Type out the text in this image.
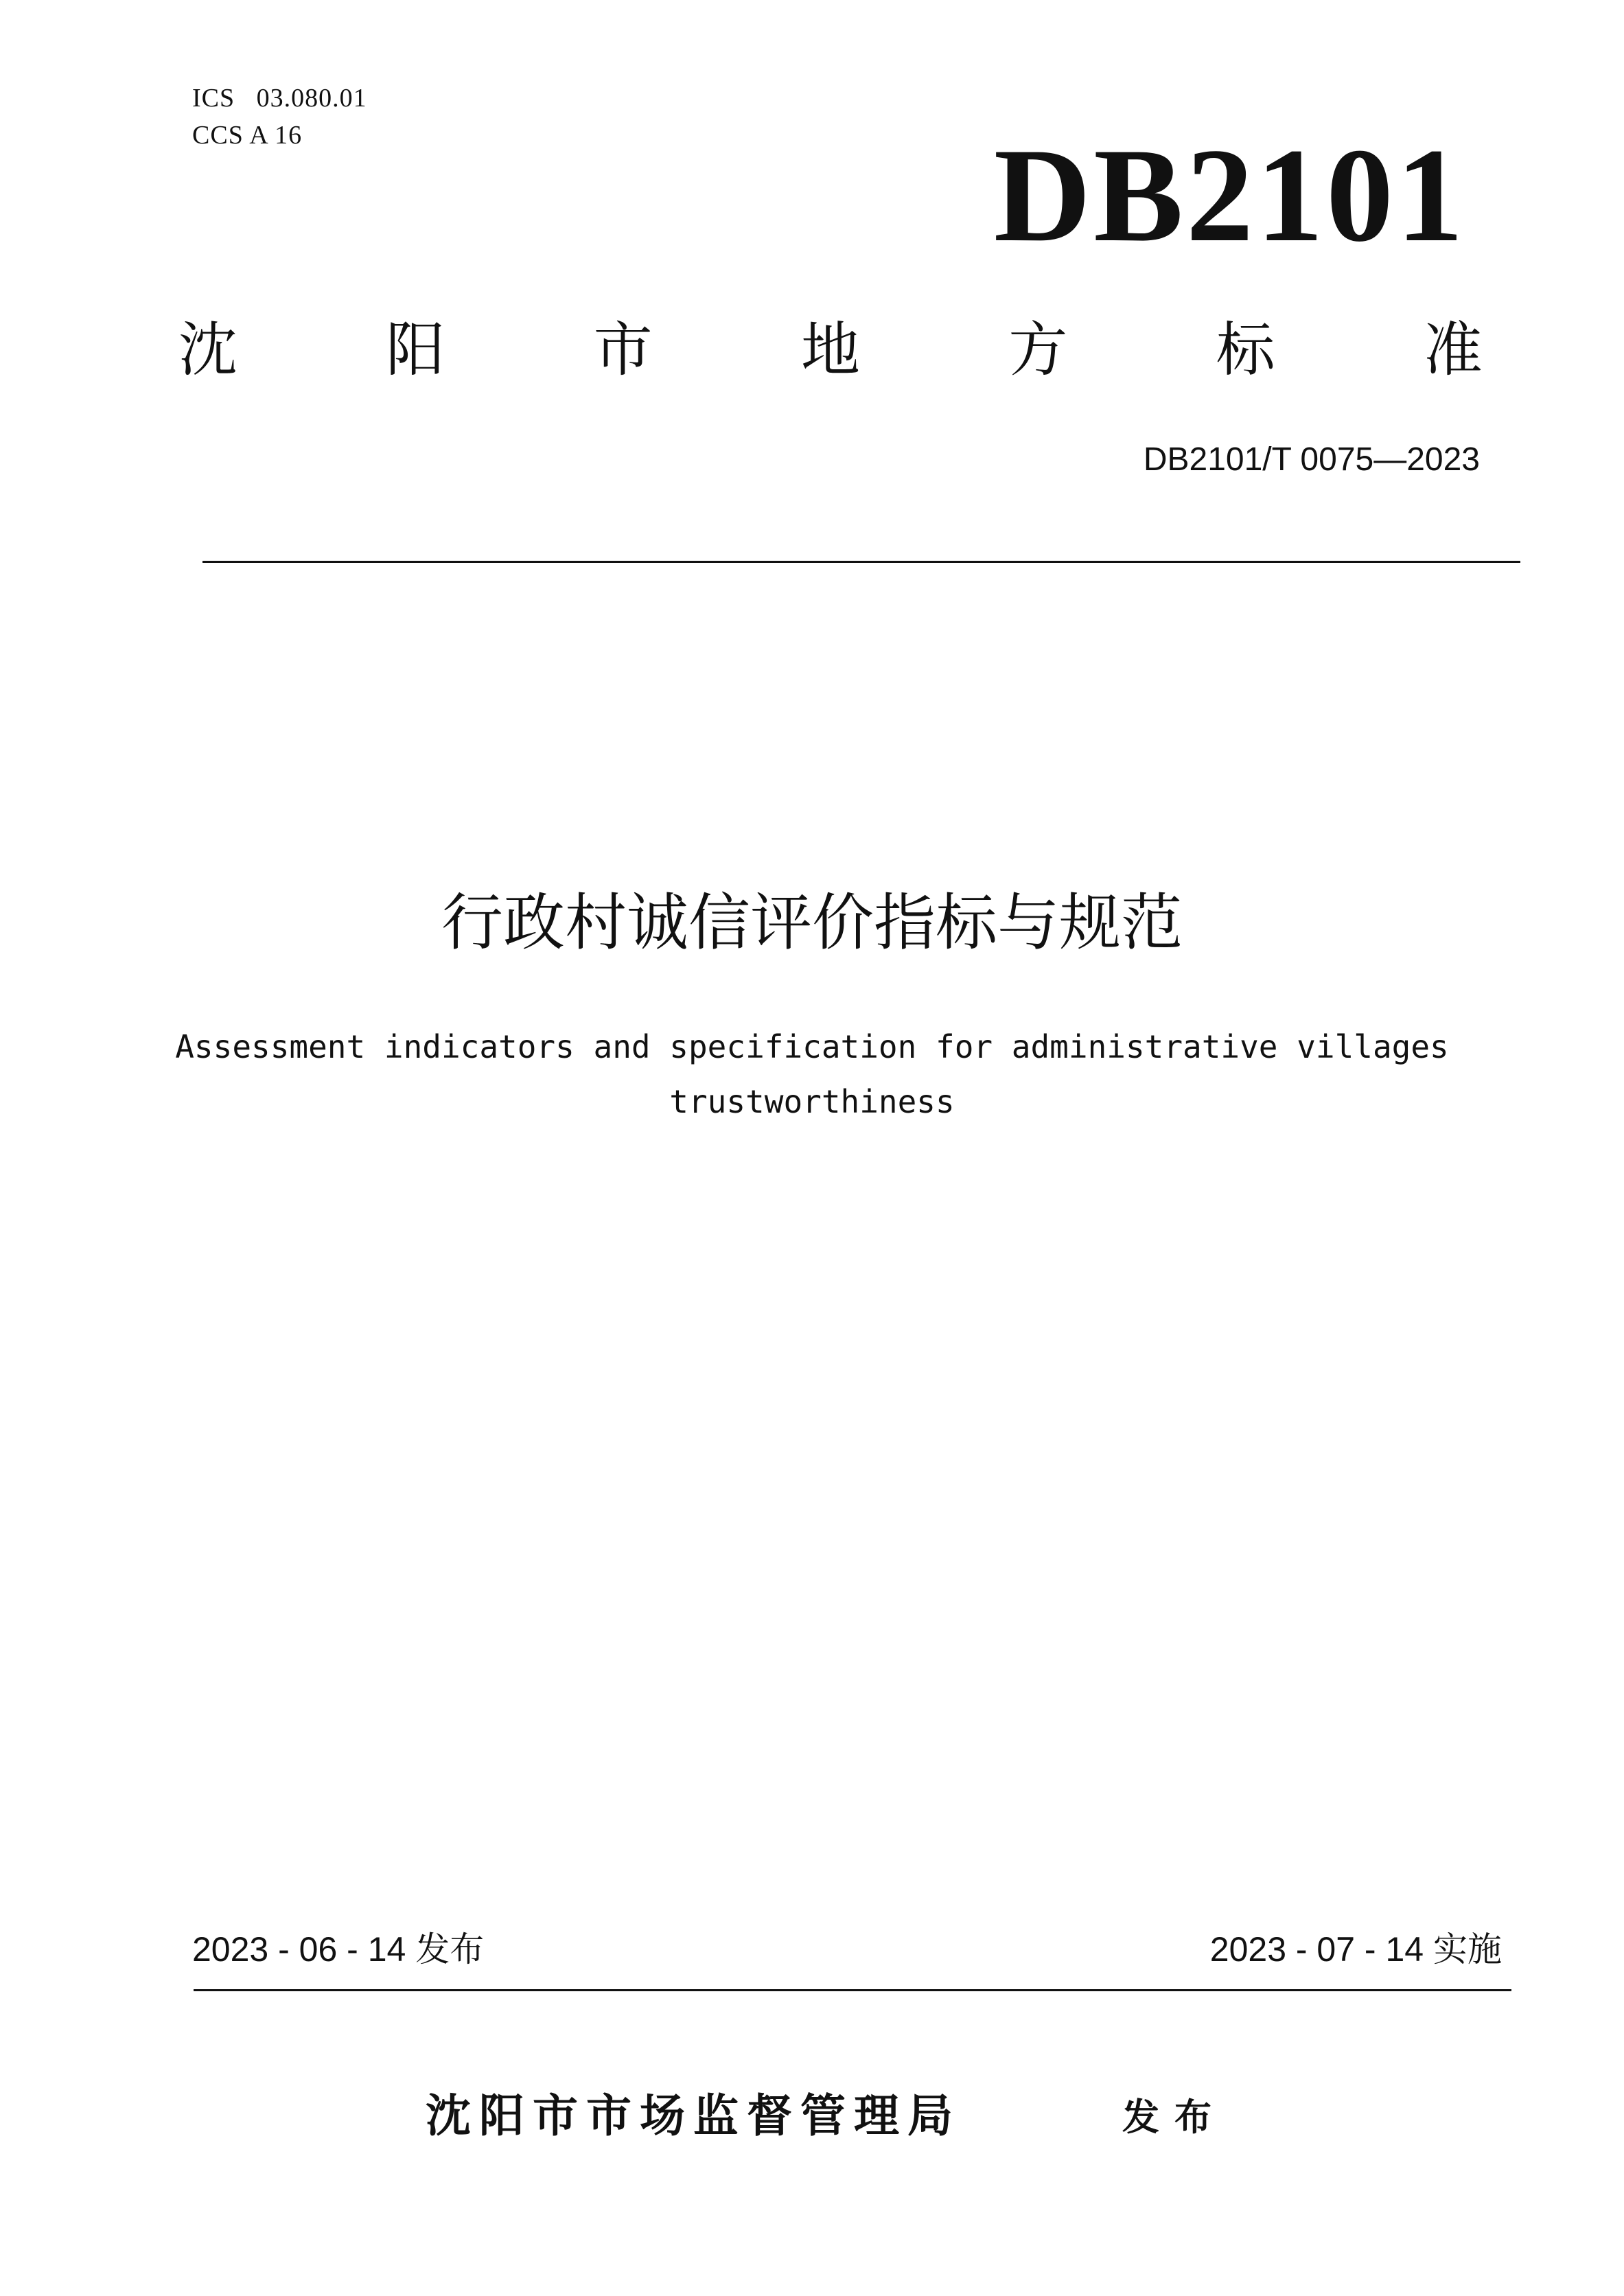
ICS   03.080.01
CCS A 16	DB2101
沈	阳	市	地	方	标	准
DB2101/T 0075—2023
行政村诚信评价指标与规范
Assessment indicators and specification for administrative villages
trustworthiness
2023 - 06 - 14 发布	2023 - 07 - 14 实施
沈阳市市场监督管理局	发布
